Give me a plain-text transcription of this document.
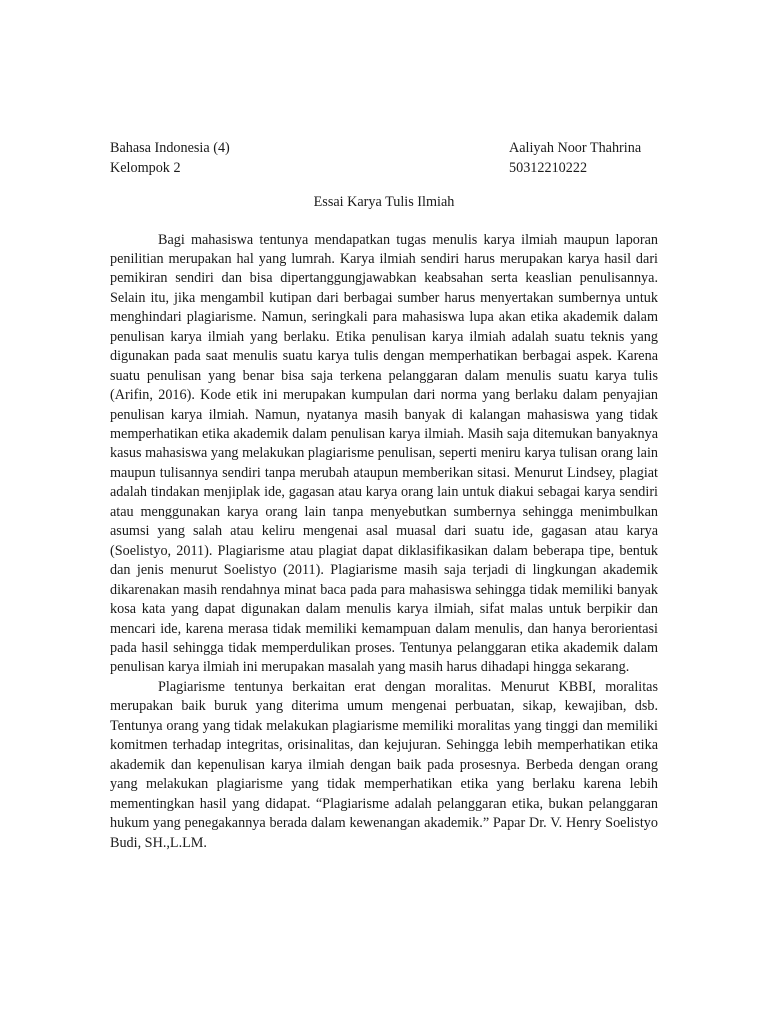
Bahasa Indonesia (4)	Aaliyah Noor Thahrina
Kelompok 2	50312210222
Essai Karya Tulis Ilmiah

Bagi mahasiswa tentunya mendapatkan tugas menulis karya ilmiah maupun laporan penilitian merupakan hal yang lumrah. Karya ilmiah sendiri harus merupakan karya hasil dari pemikiran sendiri dan bisa dipertanggungjawabkan keabsahan serta keaslian penulisannya. Selain itu, jika mengambil kutipan dari berbagai sumber harus menyertakan sumbernya untuk menghindari plagiarisme. Namun, seringkali para mahasiswa lupa akan etika akademik dalam penulisan karya ilmiah yang berlaku. Etika penulisan karya ilmiah adalah suatu teknis yang digunakan pada saat menulis suatu karya tulis dengan memperhatikan berbagai aspek. Karena suatu penulisan yang benar bisa saja terkena pelanggaran dalam menulis suatu karya tulis (Arifin, 2016). Kode etik ini merupakan kumpulan dari norma yang berlaku dalam penyajian penulisan karya ilmiah. Namun, nyatanya masih banyak di kalangan mahasiswa yang tidak memperhatikan etika akademik dalam penulisan karya ilmiah. Masih saja ditemukan banyaknya kasus mahasiswa yang melakukan plagiarisme penulisan, seperti meniru karya tulisan orang lain maupun tulisannya sendiri tanpa merubah ataupun memberikan sitasi. Menurut Lindsey, plagiat adalah tindakan menjiplak ide, gagasan atau karya orang lain untuk diakui sebagai karya sendiri atau menggunakan karya orang lain tanpa menyebutkan sumbernya sehingga menimbulkan asumsi yang salah atau keliru mengenai asal muasal dari suatu ide, gagasan atau karya (Soelistyo, 2011). Plagiarisme atau plagiat dapat diklasifikasikan dalam beberapa tipe, bentuk dan jenis menurut Soelistyo (2011). Plagiarisme masih saja terjadi di lingkungan akademik dikarenakan masih rendahnya minat baca pada para mahasiswa sehingga tidak memiliki banyak kosa kata yang dapat digunakan dalam menulis karya ilmiah, sifat malas untuk berpikir dan mencari ide, karena merasa tidak memiliki kemampuan dalam menulis, dan hanya berorientasi pada hasil sehingga tidak memperdulikan proses. Tentunya pelanggaran etika akademik dalam penulisan karya ilmiah ini merupakan masalah yang masih harus dihadapi hingga sekarang.

Plagiarisme tentunya berkaitan erat dengan moralitas. Menurut KBBI, moralitas merupakan baik buruk yang diterima umum mengenai perbuatan, sikap, kewajiban, dsb. Tentunya orang yang tidak melakukan plagiarisme memiliki moralitas yang tinggi dan memiliki komitmen terhadap integritas, orisinalitas, dan kejujuran. Sehingga lebih memperhatikan etika akademik dan kepenulisan karya ilmiah dengan baik pada prosesnya. Berbeda dengan orang yang melakukan plagiarisme yang tidak memperhatikan etika yang berlaku karena lebih mementingkan hasil yang didapat. “Plagiarisme adalah pelanggaran etika, bukan pelanggaran hukum yang penegakannya berada dalam kewenangan akademik.” Papar Dr. V. Henry Soelistyo Budi, SH.,L.LM.
